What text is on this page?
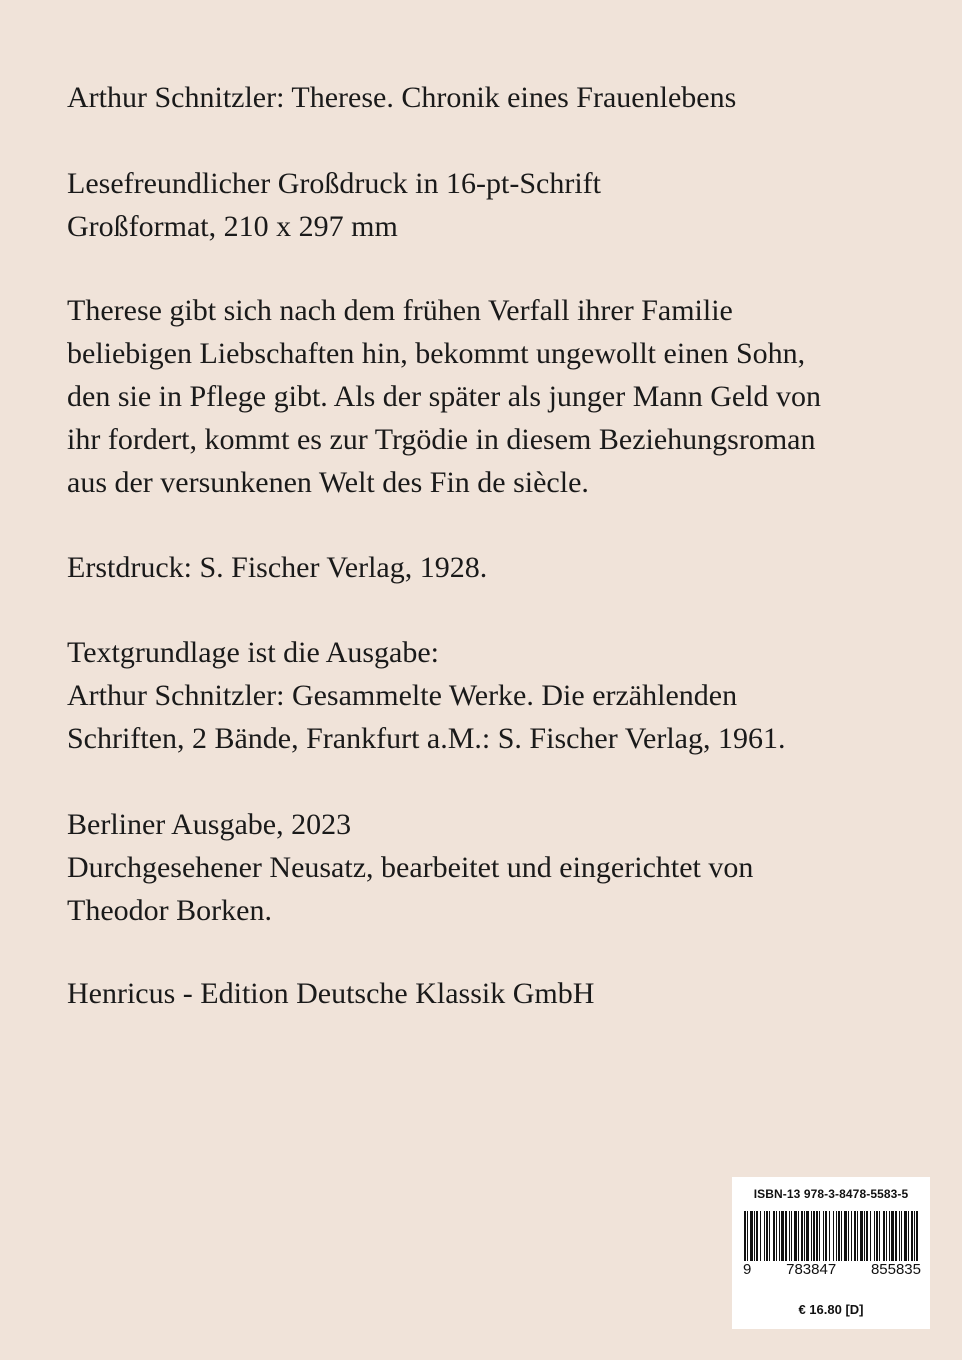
Arthur Schnitzler: Therese. Chronik eines Frauenlebens

Lesefreundlicher Großdruck in 16-pt-Schrift
Großformat, 210 x 297 mm

Therese gibt sich nach dem frühen Verfall ihrer Familie
beliebigen Liebschaften hin, bekommt ungewollt einen Sohn,
den sie in Pflege gibt. Als der später als junger Mann Geld von
ihr fordert, kommt es zur Trgödie in diesem Beziehungsroman
aus der versunkenen Welt des Fin de siècle.

Erstdruck: S. Fischer Verlag, 1928.

Textgrundlage ist die Ausgabe:
Arthur Schnitzler: Gesammelte Werke. Die erzählenden
Schriften, 2 Bände, Frankfurt a.M.: S. Fischer Verlag, 1961.

Berliner Ausgabe, 2023
Durchgesehener Neusatz, bearbeitet und eingerichtet von
Theodor Borken.

Henricus - Edition Deutsche Klassik GmbH

ISBN-13 978-3-8478-5583-5
9 783847 855835
€ 16.80 [D]
